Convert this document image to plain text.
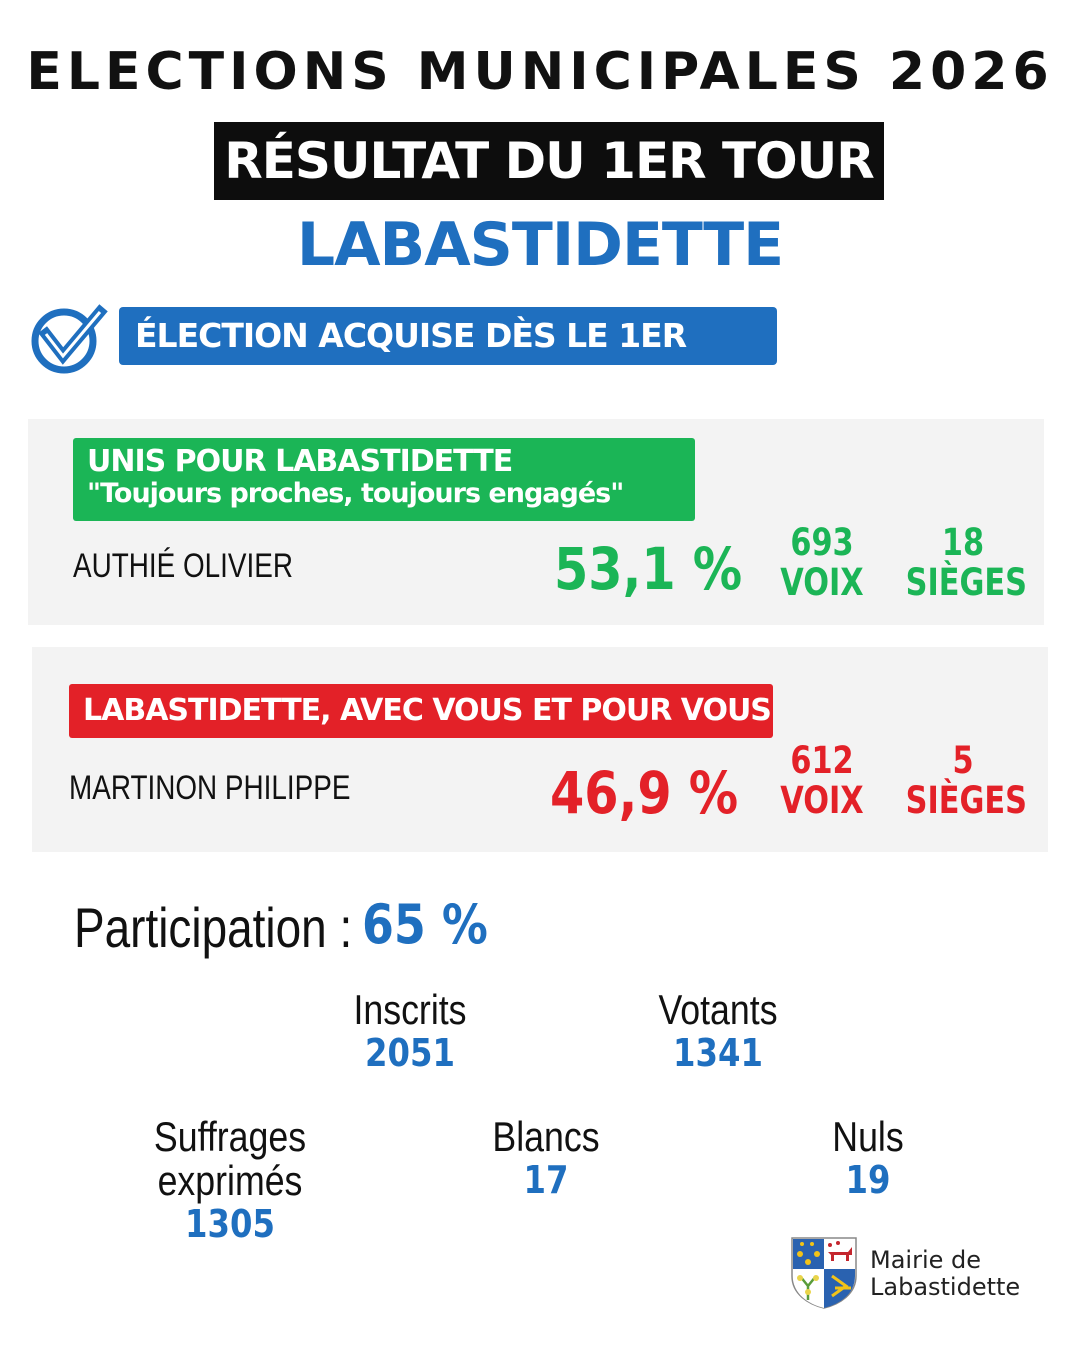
ELECTIONS MUNICIPALES 2026
RÉSULTAT DU 1ER TOUR
LABASTIDETTE
ÉLECTION ACQUISE DÈS LE 1ER TOUR
UNIS POUR LABASTIDETTE
"Toujours proches, toujours engagés"
AUTHIÉ OLIVIER	53,1 %	693
VOIX
18
SIÈGES
LABASTIDETTE, AVEC VOUS ET POUR VOUS
MARTINON PHILIPPE	46,9 %	612
VOIX
5
SIÈGES
Participation : 65 %
Inscrits
2051
Votants
1341
Suffrages exprimés
1305
Blancs
17
Nuls
19
Mairie de
Labastidette
